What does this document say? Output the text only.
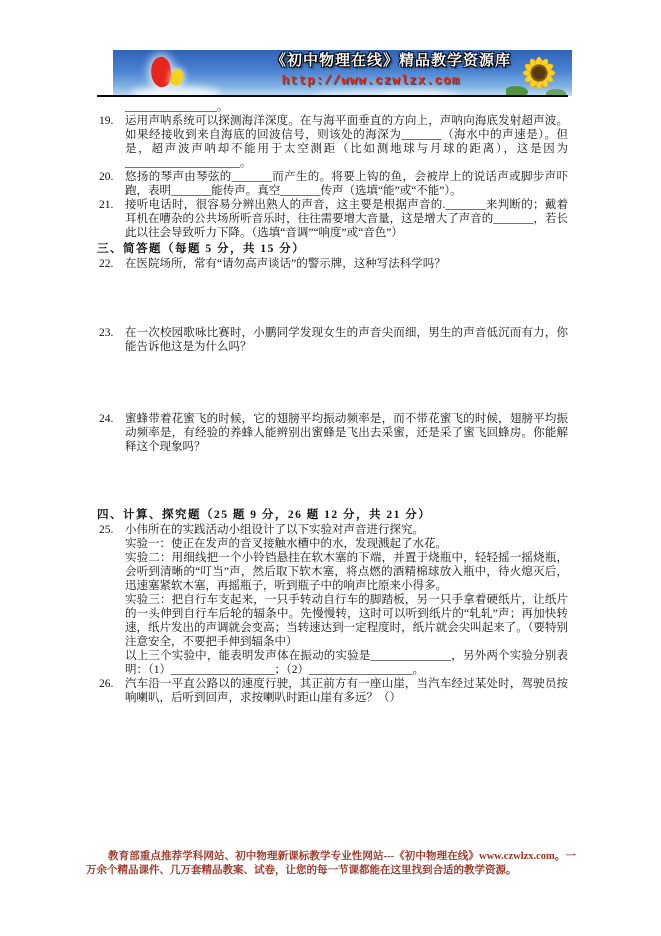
《初中物理在线》精品教学资源库
http://www.czwlzx.com

________________。

19.	运用声呐系统可以探测海洋深度。在与海平面垂直的方向上，声呐向海底发射超声波。如果经接收到来自海底的回波信号，则该处的海深为_______（海水中的声速是）。但是，超声波声呐却不能用于太空测距（比如测地球与月球的距离），这是因为____________________。

20.	悠扬的琴声由琴弦的_______而产生的。将要上钩的鱼，会被岸上的说话声或脚步声吓跑，表明_______能传声。真空_______传声（选填“能”或“不能”）。

21.	接听电话时，很容易分辨出熟人的声音，这主要是根据声音的._______来判断的；戴着耳机在嘈杂的公共场所听音乐时，往往需要增大音量，这是增大了声音的_______，若长此以往会导致听力下降。（选填“音调”“响度”或“音色”）

三、简答题（每题 5 分，共 15 分）
22.	在医院场所，常有“请勿高声谈话”的警示牌，这种写法科学吗？

23.	在一次校园歌咏比赛时，小鹏同学发现女生的声音尖而细，男生的声音低沉而有力，你能告诉他这是为什么吗？

24.	蜜蜂带着花蜜飞的时候，它的翅膀平均振动频率是，而不带花蜜飞的时候，翅膀平均振动频率是，有经验的养蜂人能辨别出蜜蜂是飞出去采蜜，还是采了蜜飞回蜂房。你能解释这个现象吗？

四、计算、探究题（25 题 9 分，26 题 12 分，共 21 分）
25.	小伟所在的实践活动小组设计了以下实验对声音进行探究。

实验一：使正在发声的音叉接触水槽中的水，发现溅起了水花。

实验二：用细线把一个小铃铛悬挂在软木塞的下端，并置于烧瓶中，轻轻摇一摇烧瓶，会听到清晰的“叮当”声，然后取下软木塞，将点燃的酒精棉球放入瓶中，待火熄灭后，迅速塞紧软木塞，再摇瓶子，听到瓶子中的响声比原来小得多。

实验三：把自行车支起来，一只手转动自行车的脚踏板，另一只手拿着硬纸片，让纸片的一头伸到自行车后轮的辐条中。先慢慢转，这时可以听到纸片的“轧轧”声；再加快转速，纸片发出的声调就会变高；当转速达到一定程度时，纸片就会尖叫起来了。（要特别注意安全，不要把手伸到辐条中）

以上三个实验中，能表明发声体在振动的实验是______________，另外两个实验分别表明：（1）__________________；（2）__________________。

26.	汽车沿一平直公路以的速度行驶，其正前方有一座山崖，当汽车经过某处时，驾驶员按响喇叭，后听到回声，求按喇叭时距山崖有多远？（）

教育部重点推荐学科网站、初中物理新课标教学专业性网站---《初中物理在线》www.czwlzx.com。一万余个精品课件、几万套精品教案、试卷，让您的每一节课都能在这里找到合适的教学资源。
